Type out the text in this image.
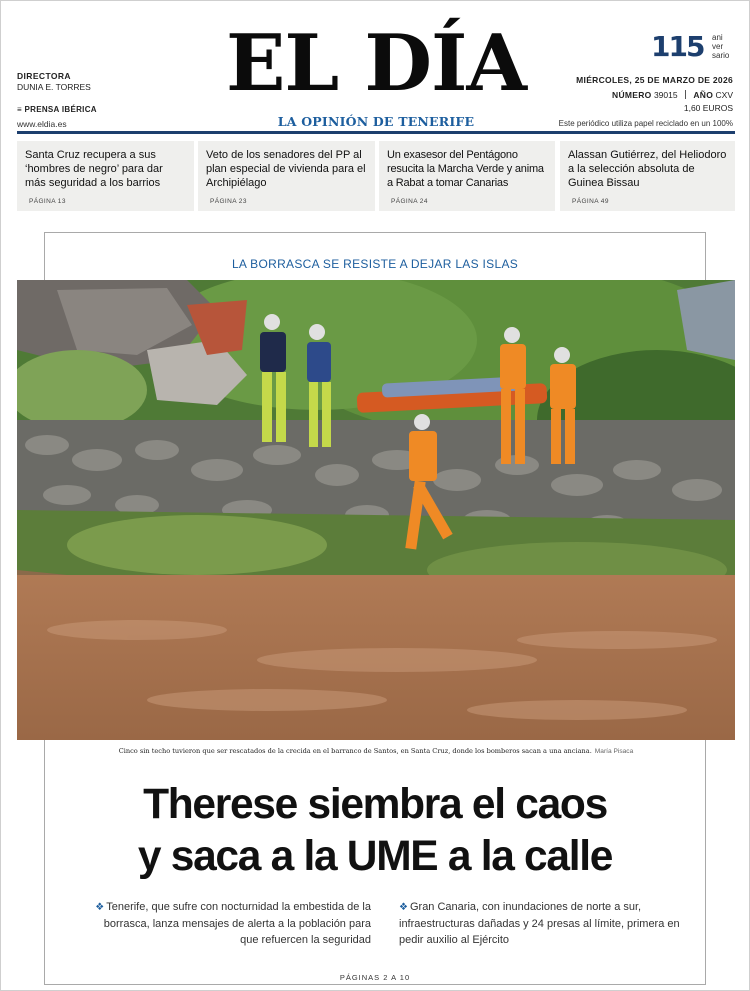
DIRECTORA
DUNIA E. TORRES
≡ PRENSA IBÉRICA
www.eldia.es
EL DÍA
LA OPINIÓN DE TENERIFE
115 ani
ver
sario
MIÉRCOLES, 25 DE MARZO DE 2026
NÚMERO 39015 AÑO CXV
1,60 EUROS
Este periódico utiliza papel reciclado en un 100%
Santa Cruz recupera a sus ‘hombres de negro’ para dar más seguridad a los barrios
PÁGINA 13
Veto de los senadores del PP al plan especial de vivienda para el Archipiélago
PÁGINA 23
Un exasesor del Pentágono resucita la Marcha Verde y anima a Rabat a tomar Canarias
PÁGINA 24
Alassan Gutiérrez, del Heliodoro a la selección absoluta de Guinea Bissau
PÁGINA 49
LA BORRASCA SE RESISTE A DEJAR LAS ISLAS
Cinco sin techo tuvieron que ser rescatados de la crecida en el barranco de Santos, en Santa Cruz, donde los bomberos sacan a una anciana. María Pisaca
Therese siembra el caos
y saca a la UME a la calle
❖ Tenerife, que sufre con nocturnidad la embestida de la borrasca, lanza mensajes de alerta a la población para que refuercen la seguridad
❖ Gran Canaria, con inundaciones de norte a sur, infraestructuras dañadas y 24 presas al límite, primera en pedir auxilio al Ejército
PÁGINAS 2 A 10
